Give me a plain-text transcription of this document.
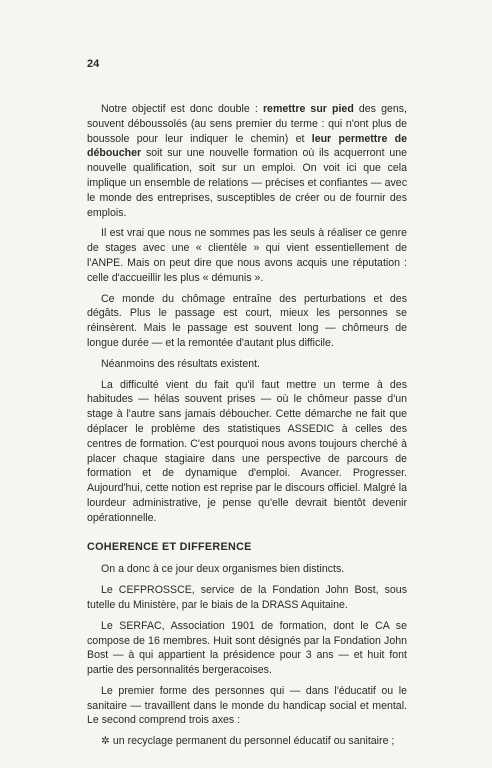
24

Notre objectif est donc double : remettre sur pied des gens, souvent déboussolés (au sens premier du terme : qui n'ont plus de boussole pour leur indiquer le chemin) et leur permettre de déboucher soit sur une nouvelle formation où ils acquerront une nouvelle qualification, soit sur un emploi. On voit ici que cela implique un ensemble de relations — précises et confiantes — avec le monde des entreprises, susceptibles de créer ou de fournir des emplois.

Il est vrai que nous ne sommes pas les seuls à réaliser ce genre de stages avec une « clientèle » qui vient essentiellement de l'ANPE. Mais on peut dire que nous avons acquis une réputation : celle d'accueillir les plus « démunis ».

Ce monde du chômage entraîne des perturbations et des dégâts. Plus le passage est court, mieux les personnes se réinsèrent. Mais le passage est souvent long — chômeurs de longue durée — et la remontée d'autant plus difficile.

Néanmoins des résultats existent.

La difficulté vient du fait qu'il faut mettre un terme à des habitudes — hélas souvent prises — où le chômeur passe d'un stage à l'autre sans jamais déboucher. Cette démarche ne fait que déplacer le problème des statistiques ASSEDIC à celles des centres de formation. C'est pourquoi nous avons toujours cherché à placer chaque stagiaire dans une perspective de parcours de formation et de dynamique d'emploi. Avancer. Progresser. Aujourd'hui, cette notion est reprise par le discours officiel. Malgré la lourdeur administrative, je pense qu'elle devrait bientôt devenir opérationnelle.

COHERENCE ET DIFFERENCE

On a donc à ce jour deux organismes bien distincts.

Le CEFPROSSCE, service de la Fondation John Bost, sous tutelle du Ministère, par le biais de la DRASS Aquitaine.

Le SERFAC, Association 1901 de formation, dont le CA se compose de 16 membres. Huit sont désignés par la Fondation John Bost — à qui appartient la présidence pour 3 ans — et huit font partie des personnalités bergeracoises.

Le premier forme des personnes qui — dans l'éducatif ou le sanitaire — travaillent dans le monde du handicap social et mental. Le second comprend trois axes :

✲ un recyclage permanent du personnel éducatif ou sanitaire ;
